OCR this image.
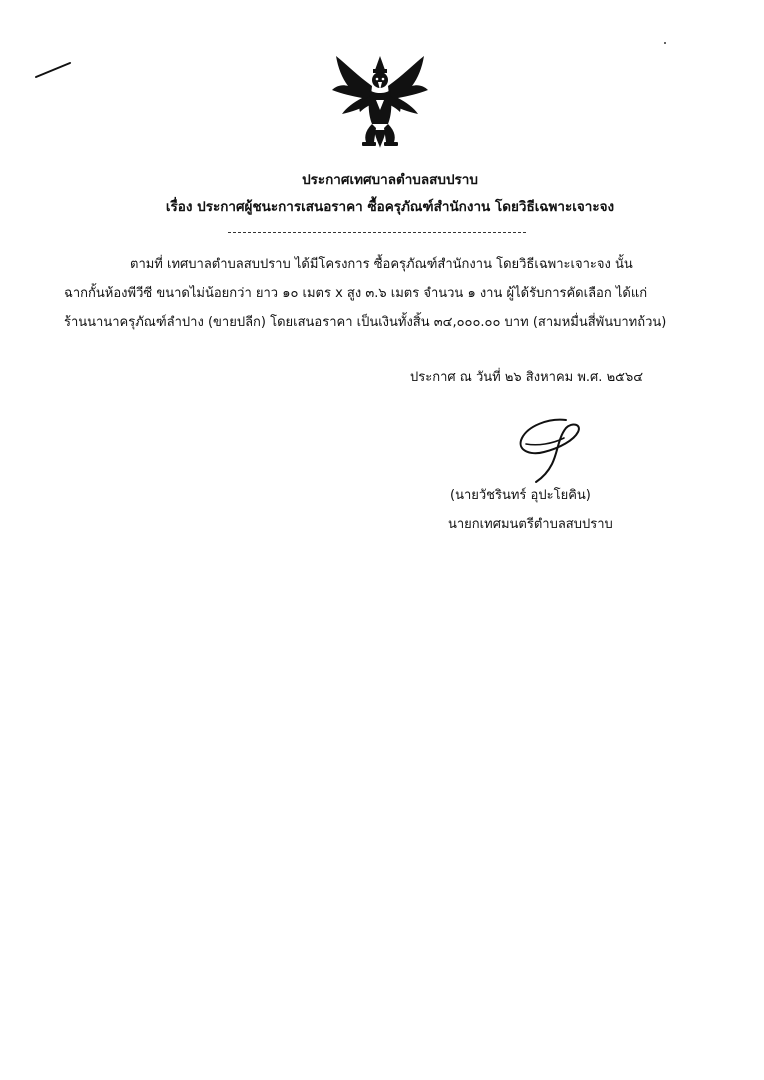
ประกาศเทศบาลตำบลสบปราบ
เรื่อง ประกาศผู้ชนะการเสนอราคา ซื้อครุภัณฑ์สำนักงาน โดยวิธีเฉพาะเจาะจง
ตามที่ เทศบาลตำบลสบปราบ ได้มีโครงการ ซื้อครุภัณฑ์สำนักงาน โดยวิธีเฉพาะเจาะจง นั้น
ฉากกั้นห้องพีวีซี ขนาดไม่น้อยกว่า ยาว ๑๐ เมตร x สูง ๓.๖ เมตร จำนวน ๑ งาน ผู้ได้รับการคัดเลือก ได้แก่
ร้านนานาครุภัณฑ์ลำปาง (ขายปลีก) โดยเสนอราคา เป็นเงินทั้งสิ้น ๓๔,๐๐๐.๐๐ บาท (สามหมื่นสี่พันบาทถ้วน)
ประกาศ ณ วันที่ ๒๖ สิงหาคม พ.ศ. ๒๕๖๔
(นายวัชรินทร์ อุปะโยคิน)
นายกเทศมนตรีตำบลสบปราบ
